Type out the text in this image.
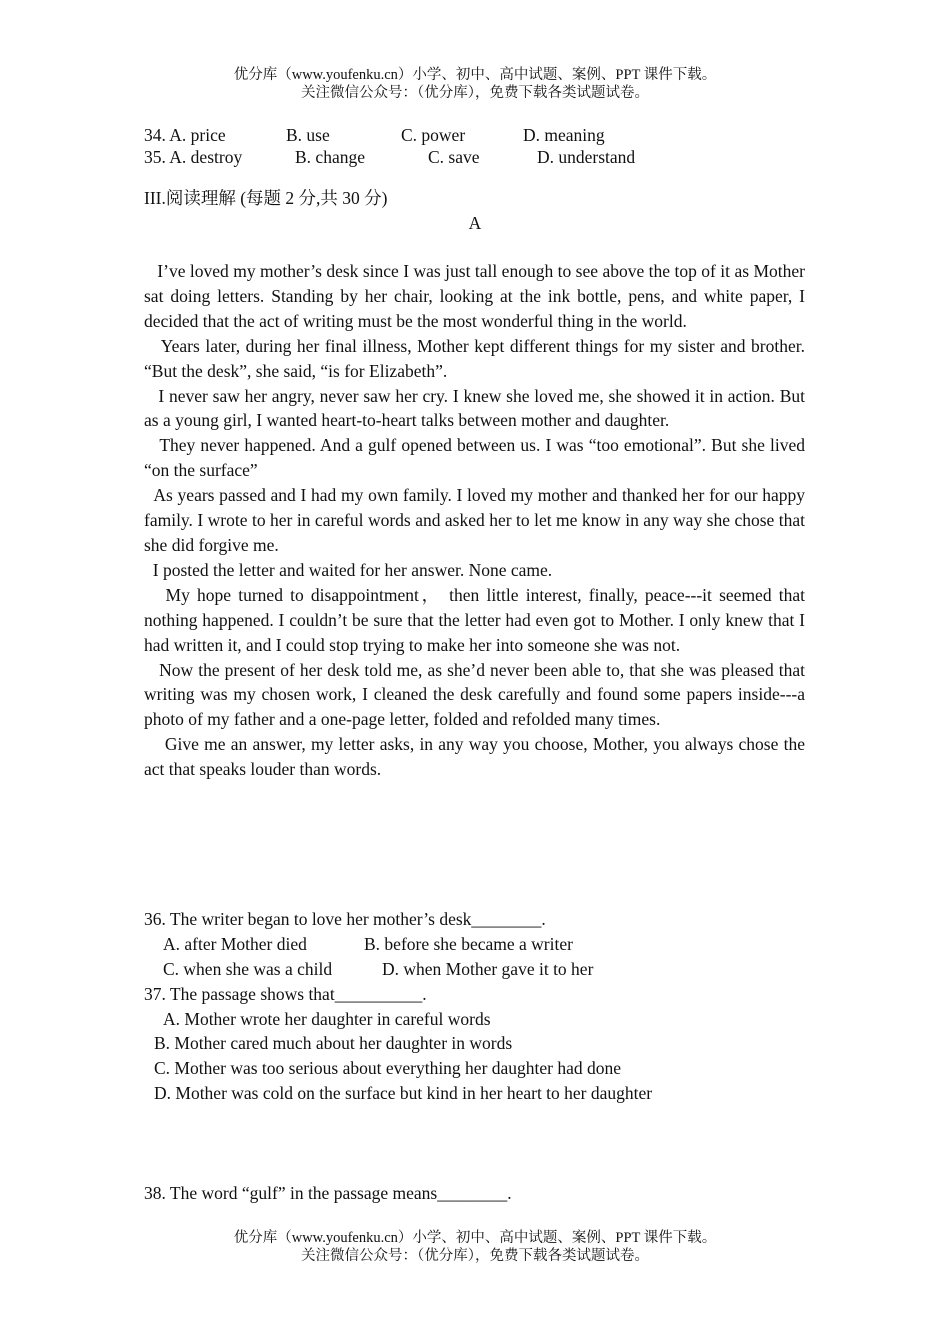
优分库（www.youfenku.cn）小学、初中、高中试题、案例、PPT 课件下载。
关注微信公众号：（优分库），免费下载各类试题试卷。
34. A. price	B. use	C. power	D. meaning
35. A. destroy	B. change	C. save	D. understand
III.阅读理解 (每题 2 分,共 30 分)
A

I’ve loved my mother’s desk since I was just tall enough to see above the top of it as Mother sat doing letters. Standing by her chair, looking at the ink bottle, pens, and white paper, I decided that the act of writing must be the most wonderful thing in the world.

Years later, during her final illness, Mother kept different things for my sister and brother. “But the desk”, she said, “is for Elizabeth”.

I never saw her angry, never saw her cry. I knew she loved me, she showed it in action. But as a young girl, I wanted heart-to-heart talks between mother and daughter.

They never happened. And a gulf opened between us. I was “too emotional”. But she lived “on the surface”

As years passed and I had my own family. I loved my mother and thanked her for our happy family. I wrote to her in careful words and asked her to let me know in any way she chose that she did forgive me.

I posted the letter and waited for her answer. None came.

My hope turned to disappointment， then little interest, finally, peace---it seemed that nothing happened. I couldn’t be sure that the letter had even got to Mother. I only knew that I had written it, and I could stop trying to make her into someone she was not.

Now the present of her desk told me, as she’d never been able to, that she was pleased that writing was my chosen work, I cleaned the desk carefully and found some papers inside---a photo of my father and a one-page letter, folded and refolded many times.

Give me an answer, my letter asks, in any way you choose, Mother, you always chose the act that speaks louder than words.

36. The writer began to love her mother’s desk________.
A. after Mother died	B. before she became a writer
C. when she was a child	D. when Mother gave it to her
37. The passage shows that__________.
A. Mother wrote her daughter in careful words
B. Mother cared much about her daughter in words
C. Mother was too serious about everything her daughter had done
D. Mother was cold on the surface but kind in her heart to her daughter
38. The word “gulf” in the passage means________.
优分库（www.youfenku.cn）小学、初中、高中试题、案例、PPT 课件下载。
关注微信公众号：（优分库），免费下载各类试题试卷。
